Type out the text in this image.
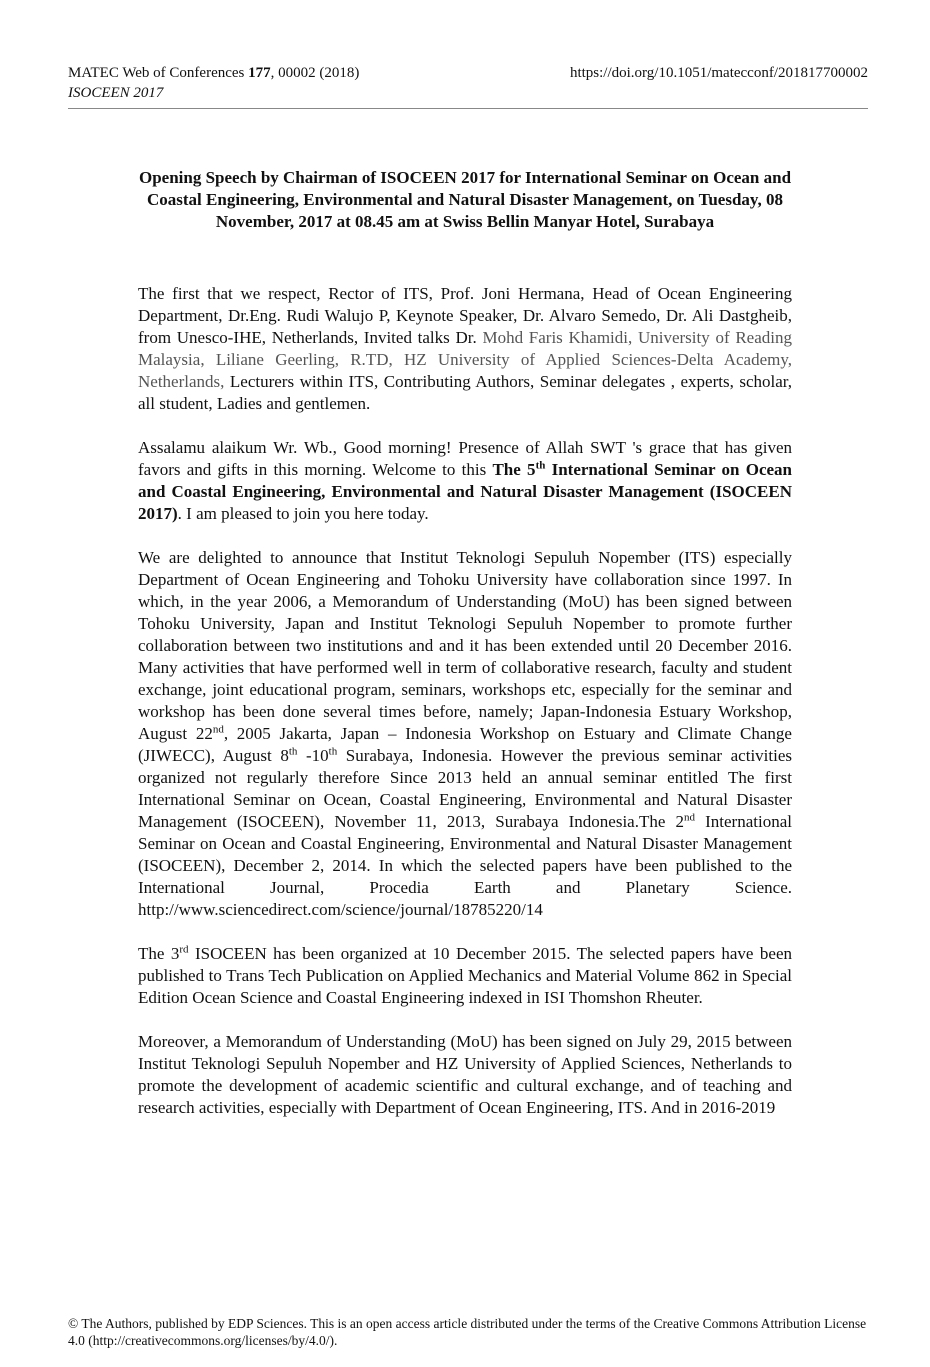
MATEC Web of Conferences 177, 00002 (2018)
ISOCEEN 2017
https://doi.org/10.1051/matecconf/201817700002
Opening Speech by Chairman of ISOCEEN 2017 for International Seminar on Ocean and Coastal Engineering, Environmental and Natural Disaster Management, on Tuesday, 08 November, 2017 at 08.45 am at Swiss Bellin Manyar Hotel, Surabaya

The first that we respect, Rector of ITS, Prof. Joni Hermana, Head of Ocean Engineering Department, Dr.Eng. Rudi Walujo P, Keynote Speaker, Dr. Alvaro Semedo, Dr. Ali Dastgheib, from Unesco-IHE, Netherlands, Invited talks Dr. Mohd Faris Khamidi, University of Reading Malaysia, Liliane Geerling, R.TD, HZ University of Applied Sciences-Delta Academy, Netherlands, Lecturers within ITS, Contributing Authors, Seminar delegates , experts, scholar, all student, Ladies and gentlemen.

Assalamu alaikum Wr. Wb., Good morning! Presence of Allah SWT 's grace that has given favors and gifts in this morning. Welcome to this The 5th International Seminar on Ocean and Coastal Engineering, Environmental and Natural Disaster Management (ISOCEEN 2017). I am pleased to join you here today.

We are delighted to announce that Institut Teknologi Sepuluh Nopember (ITS) especially Department of Ocean Engineering and Tohoku University have collaboration since 1997. In which, in the year 2006, a Memorandum of Understanding (MoU) has been signed between Tohoku University, Japan and Institut Teknologi Sepuluh Nopember to promote further collaboration between two institutions and and it has been extended until 20 December 2016. Many activities that have performed well in term of collaborative research, faculty and student exchange, joint educational program, seminars, workshops etc, especially for the seminar and workshop has been done several times before, namely; Japan-Indonesia Estuary Workshop, August 22nd, 2005 Jakarta, Japan – Indonesia Workshop on Estuary and Climate Change (JIWECC), August 8th -10th Surabaya, Indonesia. However the previous seminar activities organized not regularly therefore Since 2013 held an annual seminar entitled The first International Seminar on Ocean, Coastal Engineering, Environmental and Natural Disaster Management (ISOCEEN), November 11, 2013, Surabaya Indonesia.The 2nd International Seminar on Ocean and Coastal Engineering, Environmental and Natural Disaster Management (ISOCEEN), December 2, 2014. In which the selected papers have been published to the International Journal, Procedia Earth and Planetary Science. http://www.sciencedirect.com/science/journal/18785220/14

The 3rd ISOCEEN has been organized at 10 December 2015. The selected papers have been published to Trans Tech Publication on Applied Mechanics and Material Volume 862 in Special Edition Ocean Science and Coastal Engineering indexed in ISI Thomshon Rheuter.

Moreover, a Memorandum of Understanding (MoU) has been signed on July 29, 2015 between Institut Teknologi Sepuluh Nopember and HZ University of Applied Sciences, Netherlands to promote the development of academic scientific and cultural exchange, and of teaching and research activities, especially with Department of Ocean Engineering, ITS. And in 2016-2019

© The Authors, published by EDP Sciences. This is an open access article distributed under the terms of the Creative Commons Attribution License 4.0 (http://creativecommons.org/licenses/by/4.0/).
